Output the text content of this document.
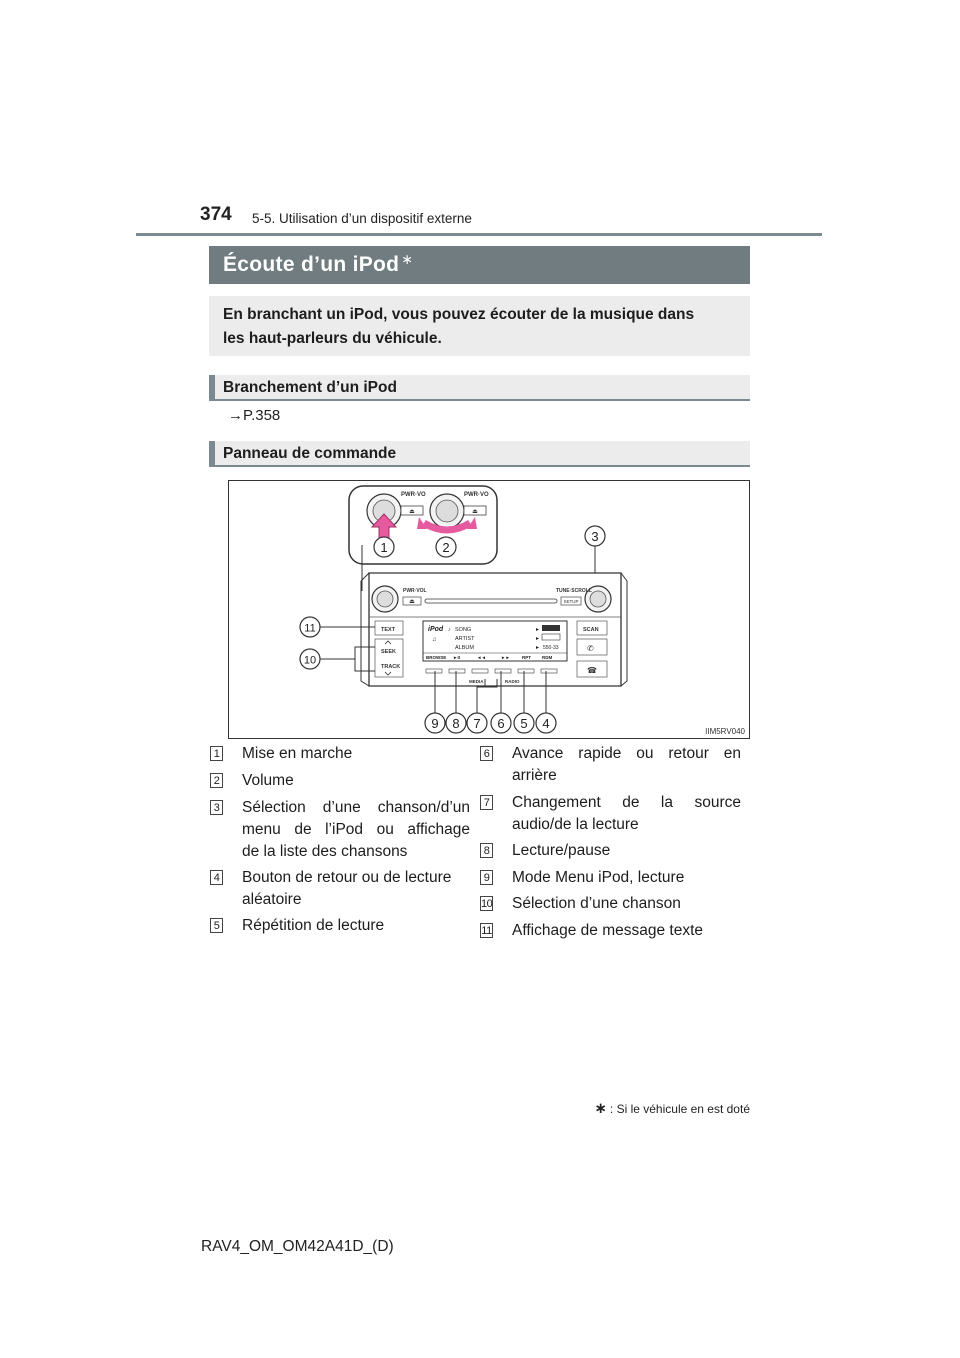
374 5-5. Utilisation d’un dispositif externe
Écoute d’un iPod ∗
En branchant un iPod, vous pouvez écouter de la musique dans
les haut-parleurs du véhicule.
Branchement d’un iPod
→P.358
Panneau de commande
⏏
PWR·VO
⏏
PWR·VO
1	2
3
PWR·VOL
⏏
TUNE·SCROLL
SETUP
TEXT
SEEK
TRACK
iPod ♪ SONG
♫	ARTIST
ALBUM
▸
▸
▸ 550-33
BROWSE ►II	◄◄	►►	RPT RDM
MEDIA	RADIO
SCAN
✆
☎
11
10
9 8 7 6 5 4
IIM5RV040
1 Mise en marche
2 Volume
3 Sélection d’une chanson/d’un
menu de l’iPod ou affichage
de la liste des chansons
4 Bouton de retour ou de lecture
aléatoire
5 Répétition de lecture
6 Avance rapide ou retour en
arrière
7 Changement de la source
audio/de la lecture
8 Lecture/pause
9 Mode Menu iPod, lecture
10 Sélection d’une chanson
11 Affichage de message texte
∗ : Si le véhicule en est doté
RAV4_OM_OM42A41D_(D)
